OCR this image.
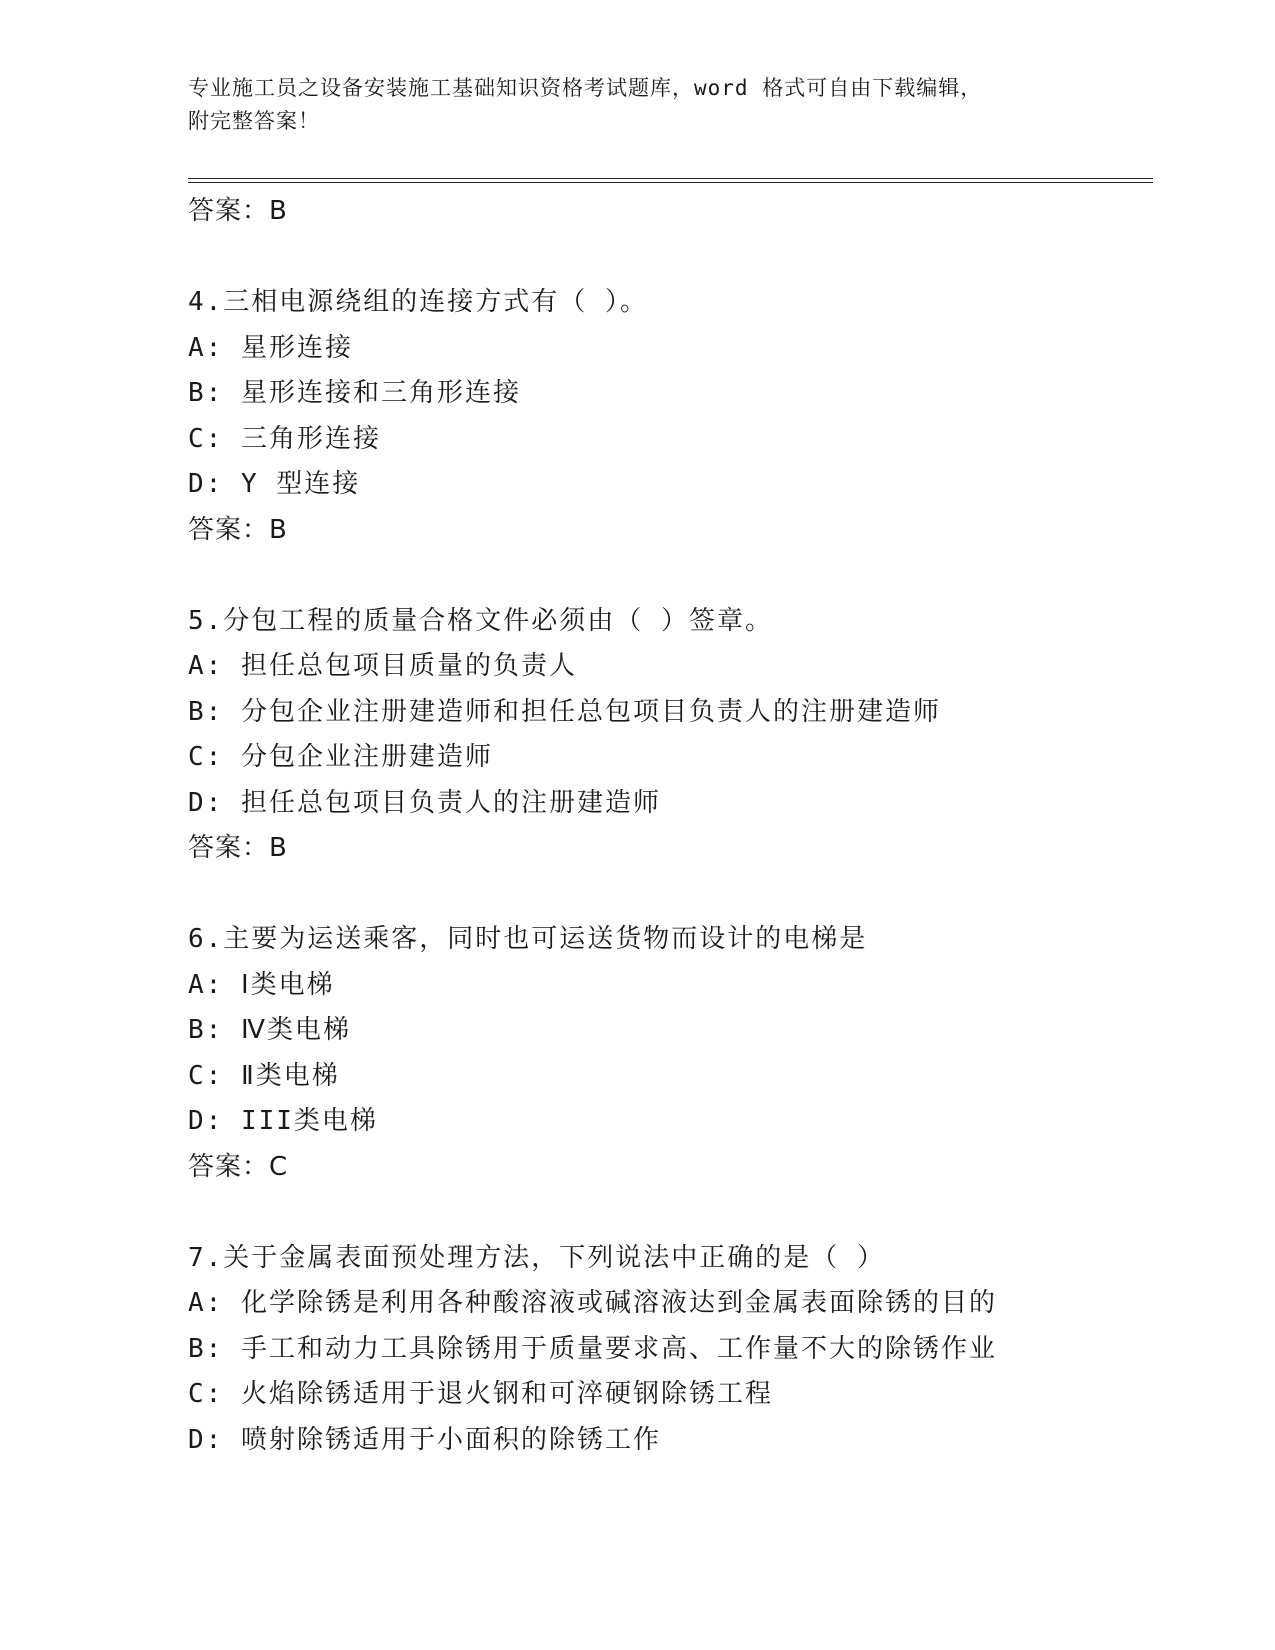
专业施工员之设备安装施工基础知识资格考试题库，word 格式可自由下载编辑，
附完整答案！
答案：B
4.三相电源绕组的连接方式有（ ）。
A: 星形连接
B: 星形连接和三角形连接
C: 三角形连接
D: Y 型连接
答案：B
5.分包工程的质量合格文件必须由（ ）签章。
A: 担任总包项目质量的负责人
B: 分包企业注册建造师和担任总包项目负责人的注册建造师
C: 分包企业注册建造师
D: 担任总包项目负责人的注册建造师
答案：B
6.主要为运送乘客，同时也可运送货物而设计的电梯是
A: Ⅰ类电梯
B: Ⅳ类电梯
C: Ⅱ类电梯
D: III类电梯
答案：C
7.关于金属表面预处理方法，下列说法中正确的是（ ）
A: 化学除锈是利用各种酸溶液或碱溶液达到金属表面除锈的目的
B: 手工和动力工具除锈用于质量要求高、工作量不大的除锈作业
C: 火焰除锈适用于退火钢和可淬硬钢除锈工程
D: 喷射除锈适用于小面积的除锈工作
